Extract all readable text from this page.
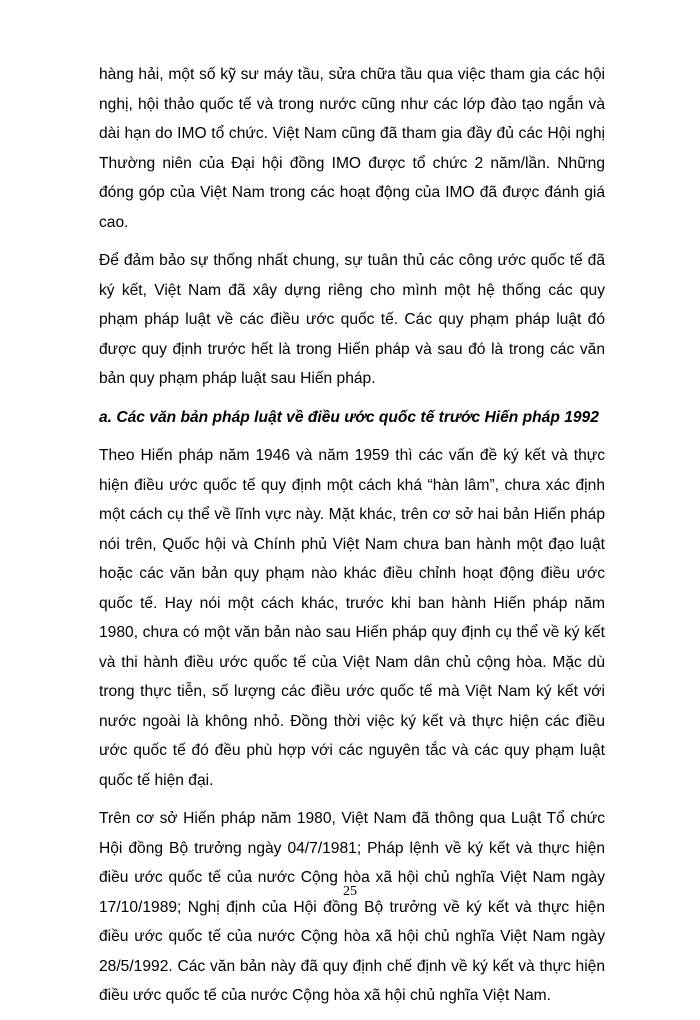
hàng hải, một số kỹ sư máy tầu, sửa chữa tầu qua việc tham gia các hội nghị, hội thảo quốc tế và trong nước cũng như các lớp đào tạo ngắn và dài hạn do IMO tổ chức. Việt Nam cũng đã tham gia đầy đủ các Hội nghị Thường niên của Đại hội đồng IMO được tổ chức 2 năm/lần. Những đóng góp của Việt Nam trong các hoạt động của IMO đã được đánh giá cao.

Để đảm bảo sự thống nhất chung, sự tuân thủ các công ước quốc tế đã ký kết, Việt Nam đã xây dựng riêng cho mình một hệ thống các quy phạm pháp luật về các điều ước quốc tế. Các quy phạm pháp luật đó được quy định trước hết là trong Hiến pháp và sau đó là trong các văn bản quy phạm pháp luật sau Hiến pháp.

a. Các văn bản pháp luật về điều ước quốc tế trước Hiến pháp 1992

Theo Hiến pháp năm 1946 và năm 1959 thì các vấn đề ký kết và thực hiện điều ước quốc tế quy định một cách khá “hàn lâm”, chưa xác định một cách cụ thể về lĩnh vực này. Mặt khác, trên cơ sở hai bản Hiến pháp nói trên, Quốc hội và Chính phủ Việt Nam chưa ban hành một đạo luật hoặc các văn bản quy phạm nào khác điều chỉnh hoạt động điều ước quốc tế. Hay nói một cách khác, trước khi ban hành Hiến pháp năm 1980, chưa có một văn bản nào sau Hiến pháp quy định cụ thể về ký kết và thi hành điều ước quốc tế của Việt Nam dân chủ cộng hòa. Mặc dù trong thực tiễn, số lượng các điều ước quốc tế mà Việt Nam ký kết với nước ngoài là không nhỏ. Đồng thời việc ký kết và thực hiện các điều ước quốc tế đó đều phù hợp với các nguyên tắc và các quy phạm luật quốc tế hiện đại.

Trên cơ sở Hiến pháp năm 1980, Việt Nam đã thông qua Luật Tổ chức Hội đồng Bộ trưởng ngày 04/7/1981; Pháp lệnh về ký kết và thực hiện điều ước quốc tế của nước Cộng hòa xã hội chủ nghĩa Việt Nam ngày 17/10/1989; Nghị định của Hội đồng Bộ trưởng về ký kết và thực hiện điều ước quốc tế của nước Cộng hòa xã hội chủ nghĩa Việt Nam ngày 28/5/1992. Các văn bản này đã quy định chế định về ký kết và thực hiện điều ước quốc tế của nước Cộng hòa xã hội chủ nghĩa Việt Nam.

25
